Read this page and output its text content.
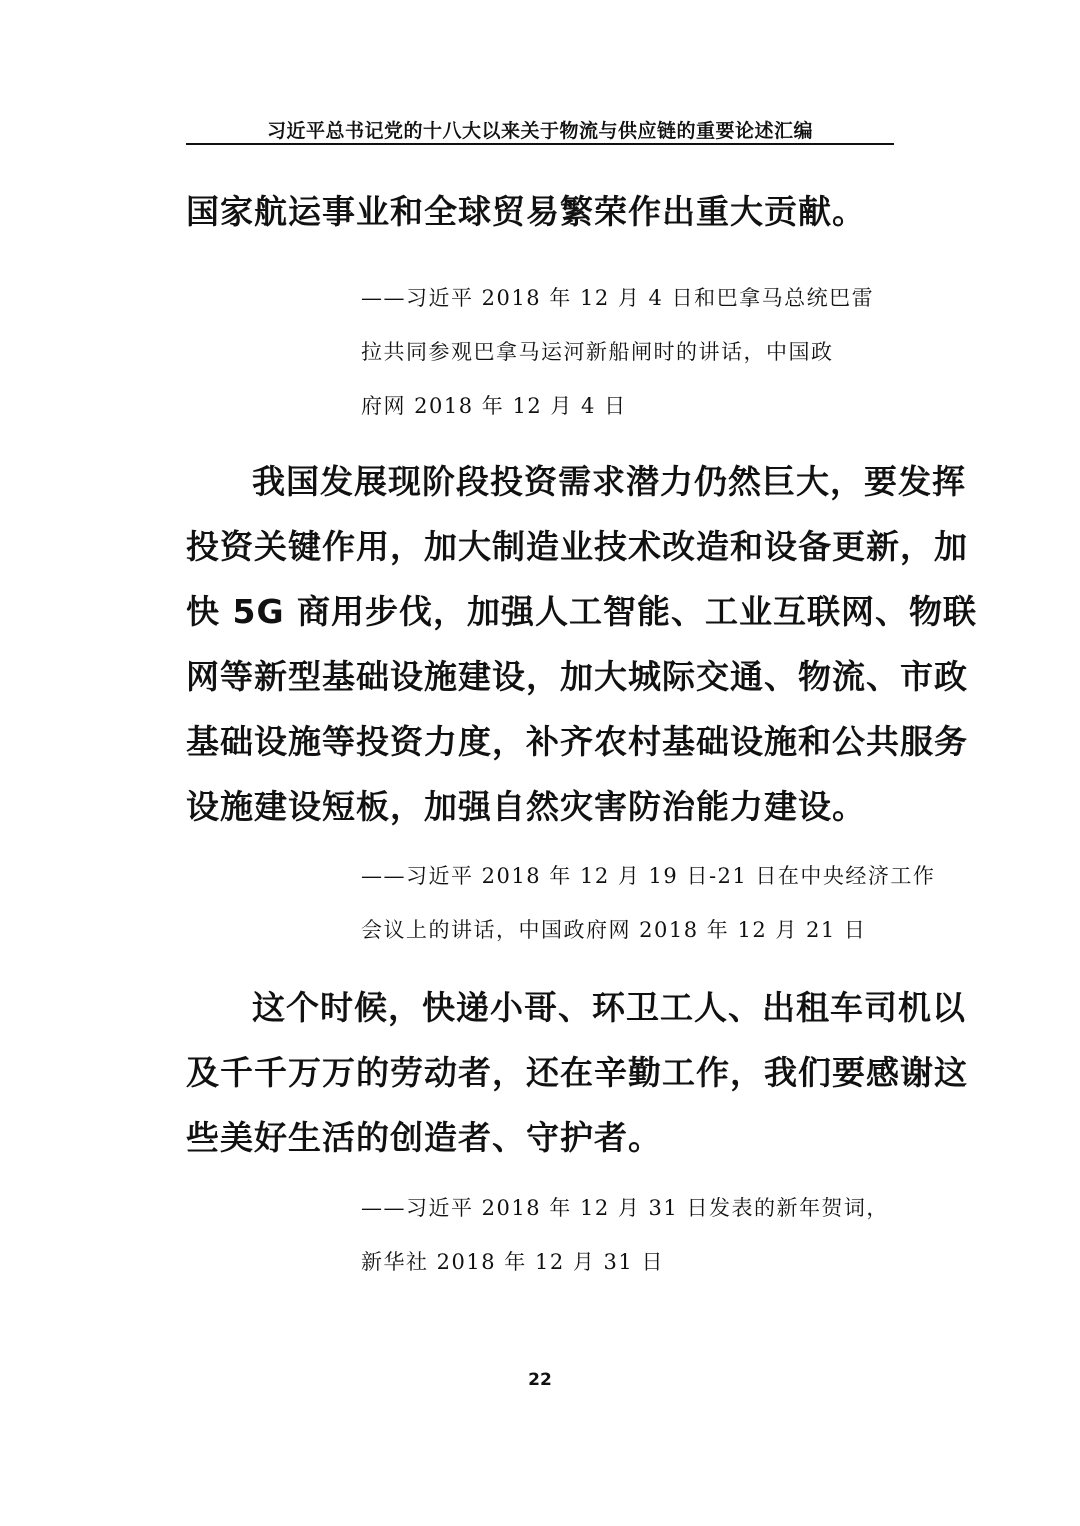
习近平总书记党的十八大以来关于物流与供应链的重要论述汇编
国家航运事业和全球贸易繁荣作出重大贡献。
——习近平 2018 年 12 月 4 日和巴拿马总统巴雷
拉共同参观巴拿马运河新船闸时的讲话，中国政
府网 2018 年 12 月 4 日
我国发展现阶段投资需求潜力仍然巨大，要发挥
投资关键作用，加大制造业技术改造和设备更新，加
快 5G 商用步伐，加强人工智能、工业互联网、物联
网等新型基础设施建设，加大城际交通、物流、市政
基础设施等投资力度，补齐农村基础设施和公共服务
设施建设短板，加强自然灾害防治能力建设。
——习近平 2018 年 12 月 19 日-21 日在中央经济工作
会议上的讲话，中国政府网 2018 年 12 月 21 日
这个时候，快递小哥、环卫工人、出租车司机以
及千千万万的劳动者，还在辛勤工作，我们要感谢这
些美好生活的创造者、守护者。
——习近平 2018 年 12 月 31 日发表的新年贺词，
新华社 2018 年 12 月 31 日
22
